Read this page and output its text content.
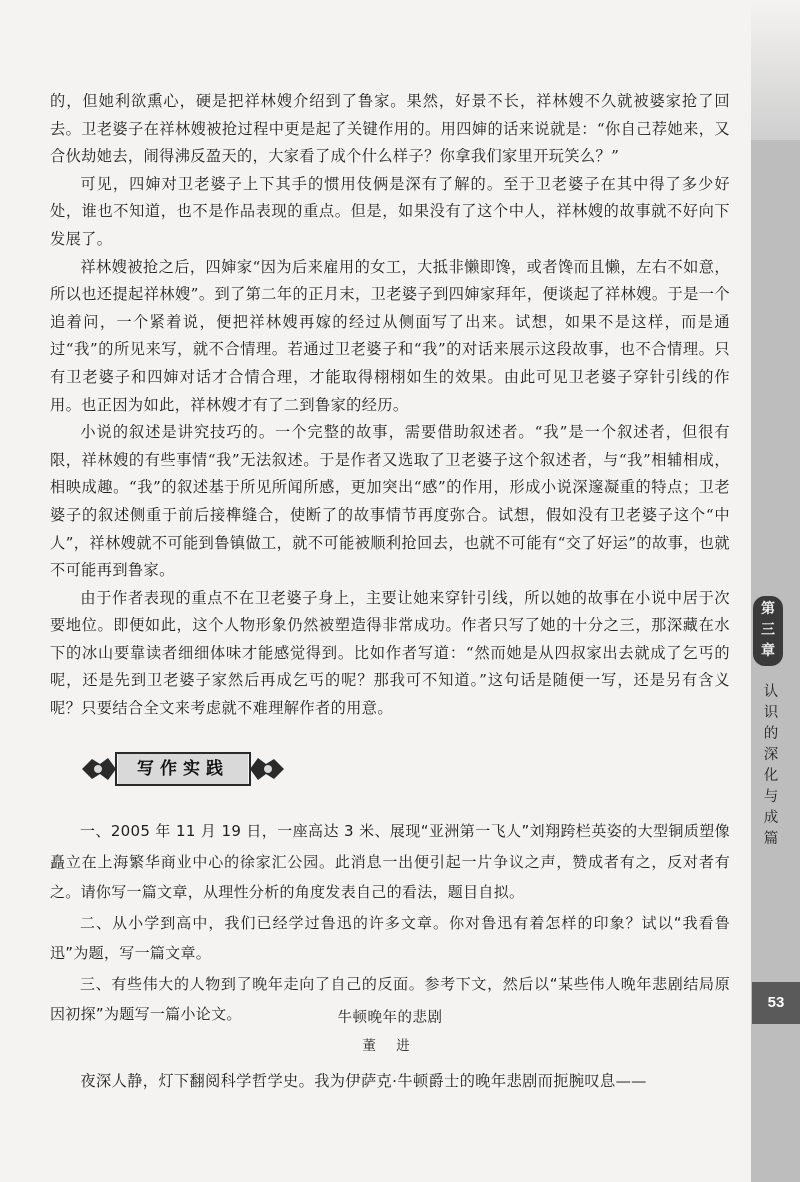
的，但她利欲熏心，硬是把祥林嫂介绍到了鲁家。果然，好景不长，祥林嫂不久就被婆家抢了回去。卫老婆子在祥林嫂被抢过程中更是起了关键作用的。用四婶的话来说就是：“你自己荐她来，又合伙劫她去，闹得沸反盈天的，大家看了成个什么样子？你拿我们家里开玩笑么？”

可见，四婶对卫老婆子上下其手的惯用伎俩是深有了解的。至于卫老婆子在其中得了多少好处，谁也不知道，也不是作品表现的重点。但是，如果没有了这个中人，祥林嫂的故事就不好向下发展了。

祥林嫂被抢之后，四婶家“因为后来雇用的女工，大抵非懒即馋，或者馋而且懒，左右不如意，所以也还提起祥林嫂”。到了第二年的正月末，卫老婆子到四婶家拜年，便谈起了祥林嫂。于是一个追着问，一个紧着说，便把祥林嫂再嫁的经过从侧面写了出来。试想，如果不是这样，而是通过“我”的所见来写，就不合情理。若通过卫老婆子和“我”的对话来展示这段故事，也不合情理。只有卫老婆子和四婶对话才合情合理，才能取得栩栩如生的效果。由此可见卫老婆子穿针引线的作用。也正因为如此，祥林嫂才有了二到鲁家的经历。

小说的叙述是讲究技巧的。一个完整的故事，需要借助叙述者。“我”是一个叙述者，但很有限，祥林嫂的有些事情“我”无法叙述。于是作者又选取了卫老婆子这个叙述者，与“我”相辅相成，相映成趣。“我”的叙述基于所见所闻所感，更加突出“感”的作用，形成小说深邃凝重的特点；卫老婆子的叙述侧重于前后接榫缝合，使断了的故事情节再度弥合。试想，假如没有卫老婆子这个“中人”，祥林嫂就不可能到鲁镇做工，就不可能被顺利抢回去，也就不可能有“交了好运”的故事，也就不可能再到鲁家。

由于作者表现的重点不在卫老婆子身上，主要让她来穿针引线，所以她的故事在小说中居于次要地位。即便如此，这个人物形象仍然被塑造得非常成功。作者只写了她的十分之三，那深藏在水下的冰山要靠读者细细体味才能感觉得到。比如作者写道：“然而她是从四叔家出去就成了乞丐的呢，还是先到卫老婆子家然后再成乞丐的呢？那我可不知道。”这句话是随便一写，还是另有含义呢？只要结合全文来考虑就不难理解作者的用意。

写作实践

一、2005 年 11 月 19 日，一座高达 3 米、展现“亚洲第一飞人”刘翔跨栏英姿的大型铜质塑像矗立在上海繁华商业中心的徐家汇公园。此消息一出便引起一片争议之声，赞成者有之，反对者有之。请你写一篇文章，从理性分析的角度发表自己的看法，题目自拟。

二、从小学到高中，我们已经学过鲁迅的许多文章。你对鲁迅有着怎样的印象？试以“我看鲁迅”为题，写一篇文章。

三、有些伟大的人物到了晚年走向了自己的反面。参考下文，然后以“某些伟人晚年悲剧结局原因初探”为题写一篇小论文。	牛顿晚年的悲剧
董 进

夜深人静，灯下翻阅科学哲学史。我为伊萨克·牛顿爵士的晚年悲剧而扼腕叹息——

第
三
章
认
识
的
深
化
与
成
篇
53
